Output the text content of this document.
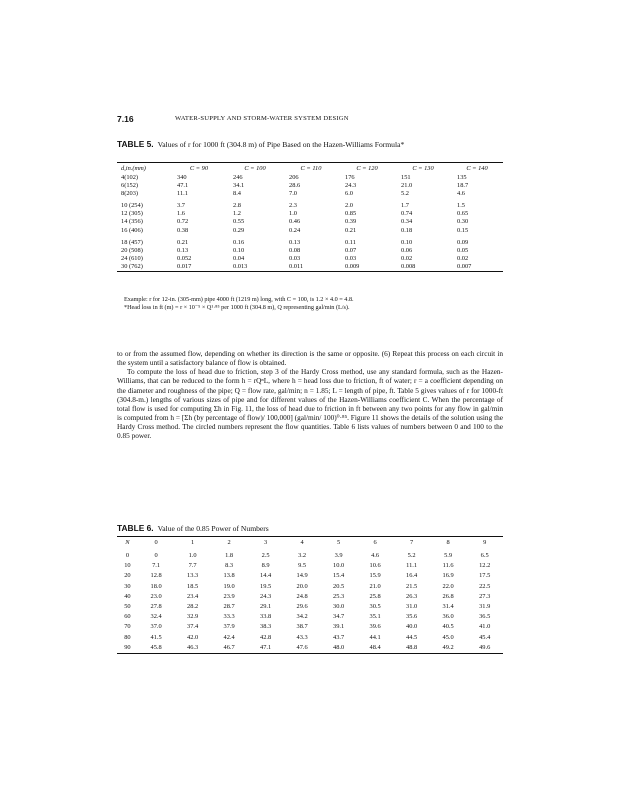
7.16	WATER-SUPPLY AND STORM-WATER SYSTEM DESIGN
TABLE 5. Values of r for 1000 ft (304.8 m) of Pipe Based on the Hazen-Williams Formula*
d,in.(mm)	C = 90	C = 100	C = 110	C = 120	C = 130	C = 140
4(102)	340	246	206	176	151	135
6(152)	47.1	34.1	28.6	24.3	21.0	18.7
8(203)	11.1	8.4	7.0	6.0	5.2	4.6
10 (254)	3.7	2.8	2.3	2.0	1.7	1.5
12 (305)	1.6	1.2	1.0	0.85	0.74	0.65
14 (356)	0.72	0.55	0.46	0.39	0.34	0.30
16 (406)	0.38	0.29	0.24	0.21	0.18	0.15
18 (457)	0.21	0.16	0.13	0.11	0.10	0.09
20 (508)	0.13	0.10	0.08	0.07	0.06	0.05
24 (610)	0.052	0.04	0.03	0.03	0.02	0.02
30 (762)	0.017	0.013	0.011	0.009	0.008	0.007
Example: r for 12-in. (305-mm) pipe 4000 ft (1219 m) long, with C = 100, is 1.2 × 4.0 = 4.8.
*Head loss in ft (m) = r × 10⁻⁵ × Q¹·⁸⁵ per 1000 ft (304.8 m), Q representing gal/min (L/s).

to or from the assumed flow, depending on whether its direction is the same or opposite. (6) Repeat this process on each circuit in the system until a satisfactory balance of flow is obtained.

To compute the loss of head due to friction, step 3 of the Hardy Cross method, use any standard formula, such as the Hazen-Williams, that can be reduced to the form h = rQⁿL, where h = head loss due to friction, ft of water; r = a coefficient depending on the diameter and roughness of the pipe; Q = flow rate, gal/min; n = 1.85; L = length of pipe, ft. Table 5 gives values of r for 1000-ft (304.8-m.) lengths of various sizes of pipe and for different values of the Hazen-Williams coefficient C. When the percentage of total flow is used for computing Σh in Fig. 11, the loss of head due to friction in ft between any two points for any flow in gal/min is computed from h = [Σh (by percentage of flow)/ 100,000] (gal/min/ 100)⁰·⁸⁵. Figure 11 shows the details of the solution using the Hardy Cross method. The circled numbers represent the flow quantities. Table 6 lists values of numbers between 0 and 100 to the 0.85 power.

TABLE 6. Value of the 0.85 Power of Numbers
N	0	1	2	3	4	5	6	7	8	9
0	0	1.0	1.8	2.5	3.2	3.9	4.6	5.2	5.9	6.5
10	7.1	7.7	8.3	8.9	9.5	10.0	10.6	11.1	11.6	12.2
20	12.8	13.3	13.8	14.4	14.9	15.4	15.9	16.4	16.9	17.5
30	18.0	18.5	19.0	19.5	20.0	20.5	21.0	21.5	22.0	22.5
40	23.0	23.4	23.9	24.3	24.8	25.3	25.8	26.3	26.8	27.3
50	27.8	28.2	28.7	29.1	29.6	30.0	30.5	31.0	31.4	31.9
60	32.4	32.9	33.3	33.8	34.2	34.7	35.1	35.6	36.0	36.5
70	37.0	37.4	37.9	38.3	38.7	39.1	39.6	40.0	40.5	41.0
80	41.5	42.0	42.4	42.8	43.3	43.7	44.1	44.5	45.0	45.4
90	45.8	46.3	46.7	47.1	47.6	48.0	48.4	48.8	49.2	49.6
